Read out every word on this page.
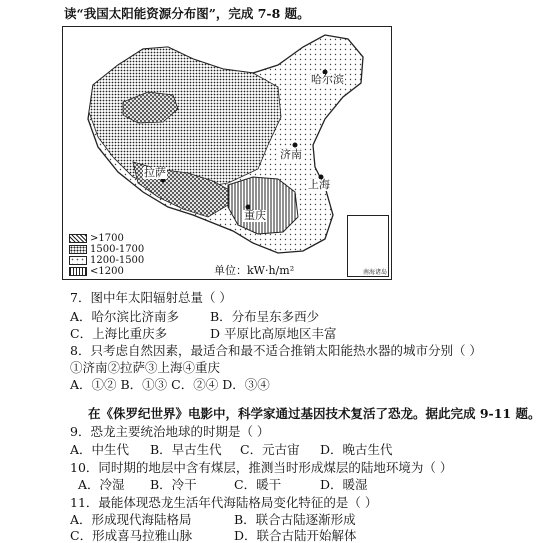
读“我国太阳能资源分布图”，完成 7-8 题。
哈尔滨
济南
拉萨
上海
重庆
>1700
1500-1700
1200-1500
<1200	单位：kW·h/m²	南海诸岛
7．图中年太阳辐射总量（ ）
A．哈尔滨比济南多 B．分布呈东多西少
C．上海比重庆多	D 平原比高原地区丰富
8．只考虑自然因素，最适合和最不适合推销太阳能热水器的城市分别（ ）
①济南②拉萨③上海④重庆
A．①② B．①③ C．②④ D．③④
在《侏罗纪世界》电影中，科学家通过基因技术复活了恐龙。据此完成 9-11 题。
9．恐龙主要统治地球的时期是（ ）
A．中生代 B．早古生代 C．元古宙 D．晚古生代
10．同时期的地层中含有煤层，推测当时形成煤层的陆地环境为（ ）
A．冷湿 B．冷干	C．暖干	D．暖湿
11．最能体现恐龙生活年代海陆格局变化特征的是（ ）
A．形成现代海陆格局	B．联合古陆逐渐形成
C．形成喜马拉雅山脉	D．联合古陆开始解体
